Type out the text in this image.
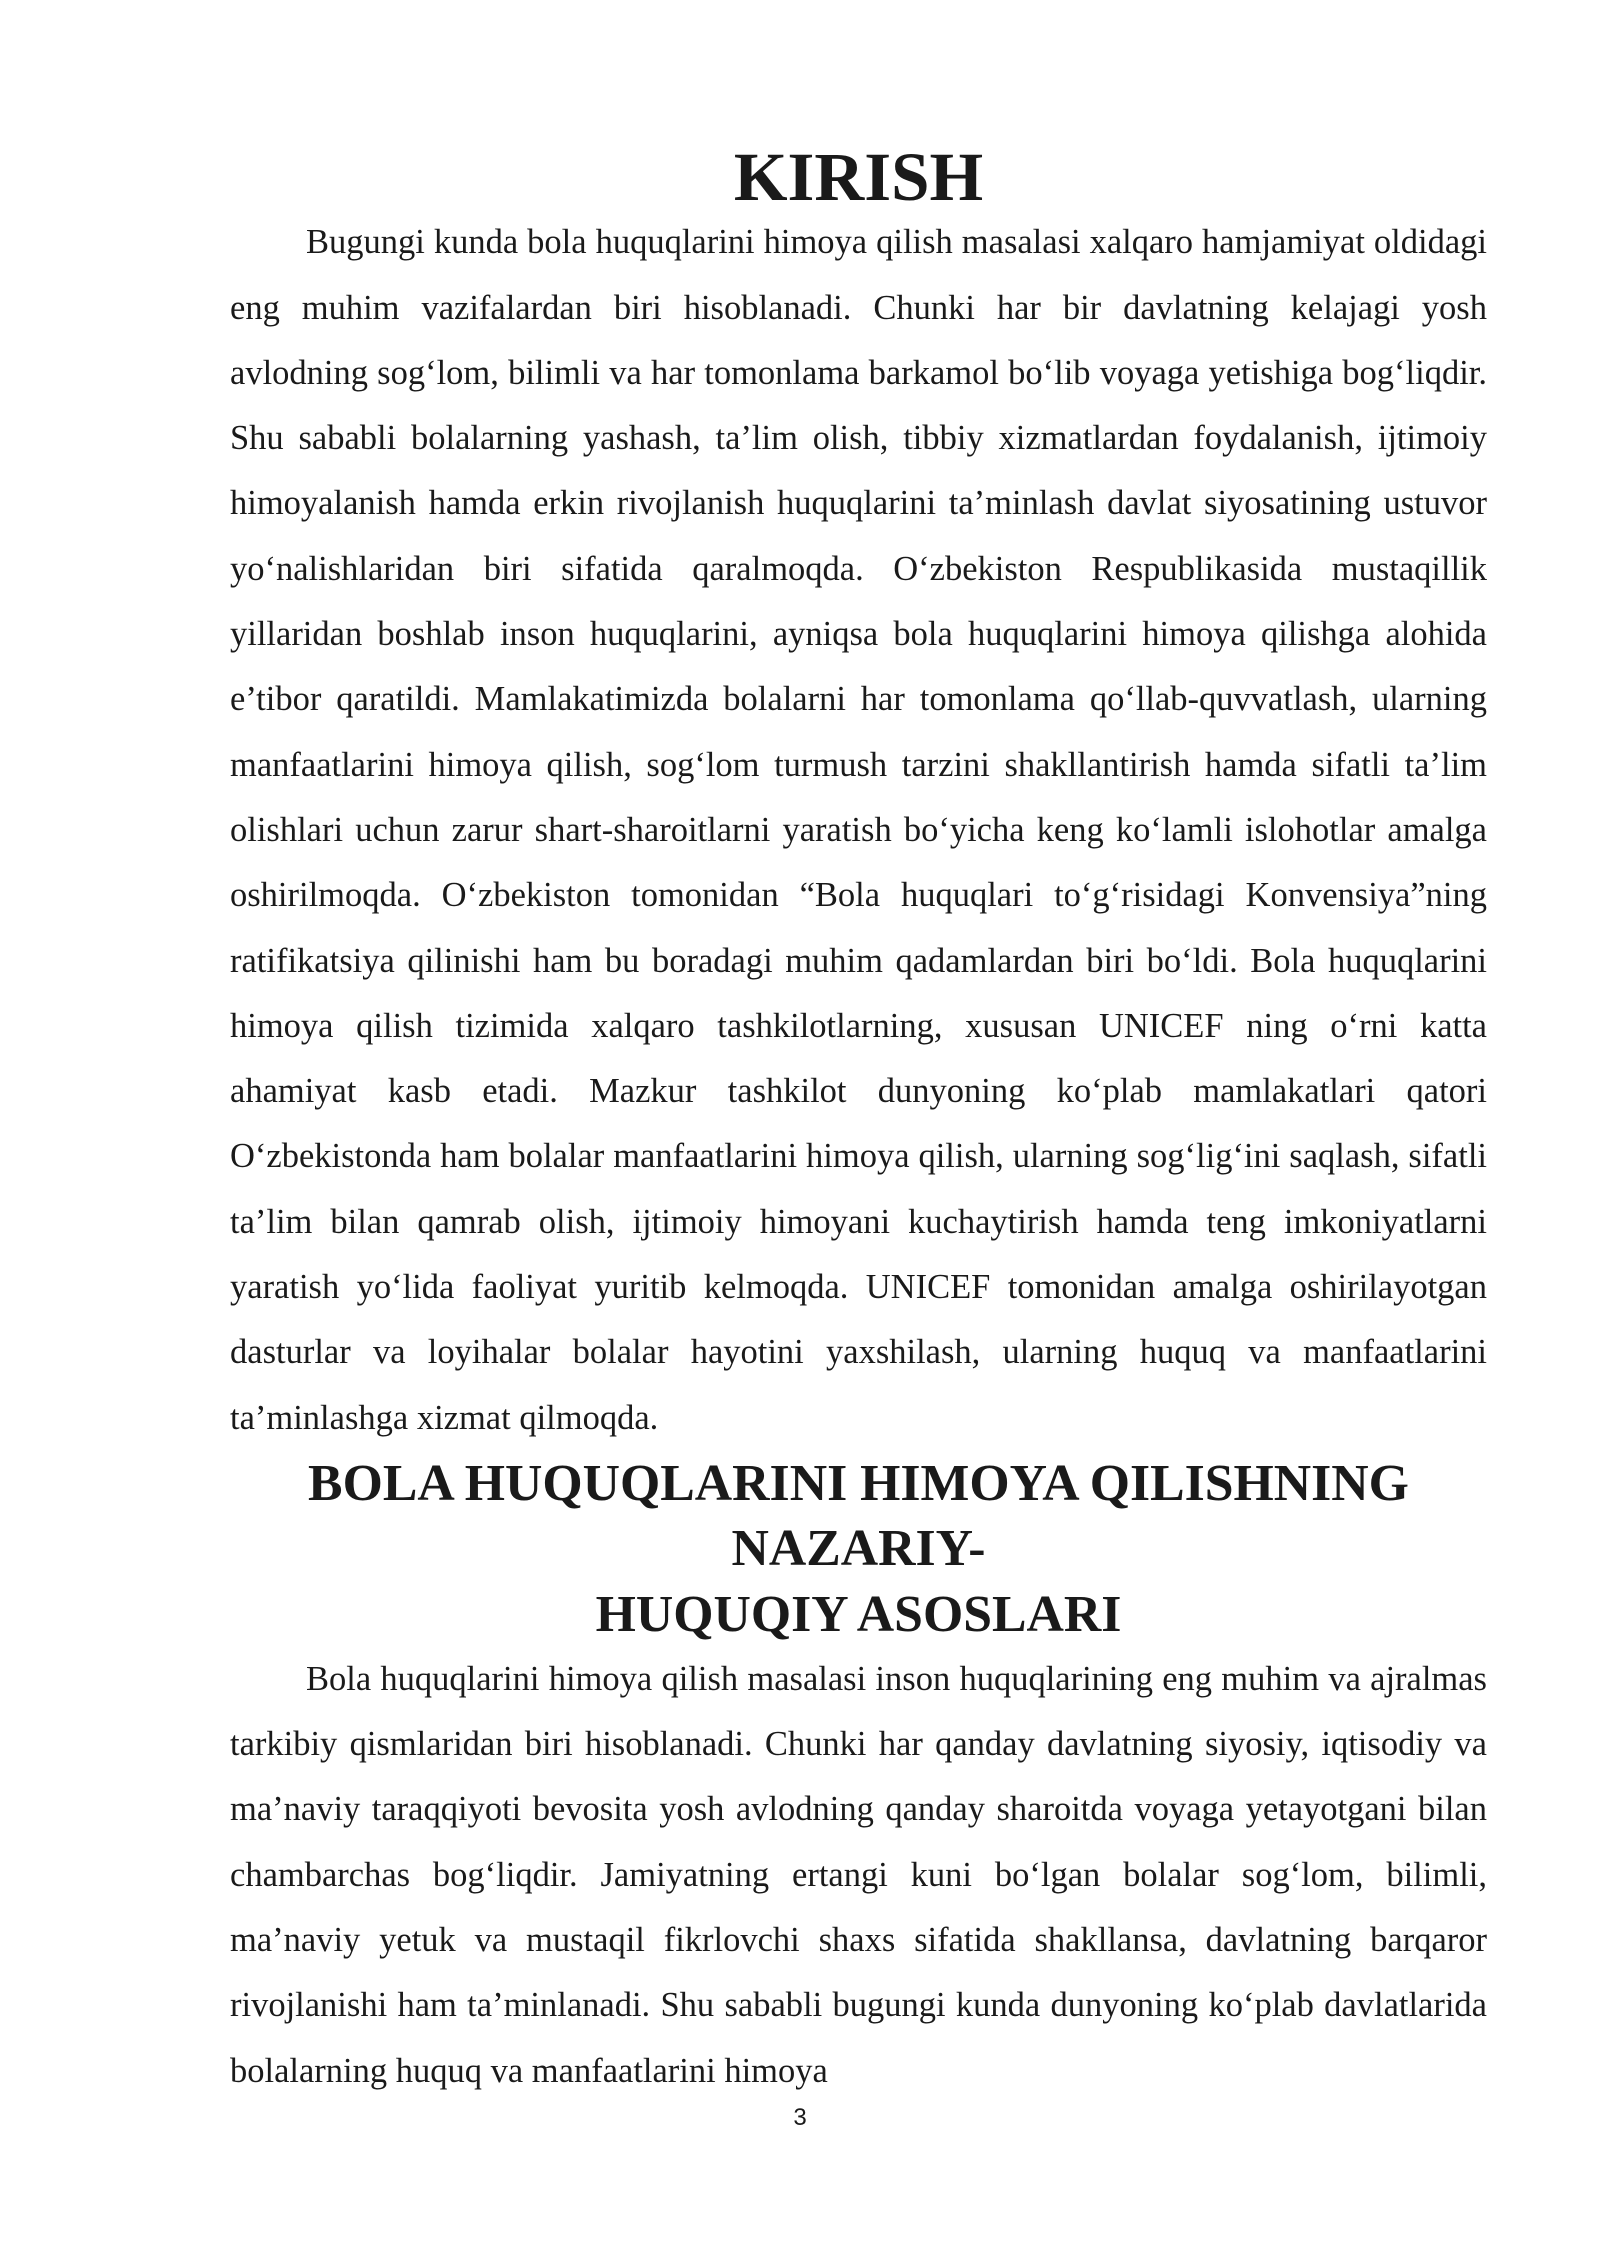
KIRISH

Bugungi kunda bola huquqlarini himoya qilish masalasi xalqaro hamjamiyat oldidagi eng muhim vazifalardan biri hisoblanadi. Chunki har bir davlatning kelajagi yosh avlodning sog‘lom, bilimli va har tomonlama barkamol bo‘lib voyaga yetishiga bog‘liqdir. Shu sababli bolalarning yashash, ta’lim olish, tibbiy xizmatlardan foydalanish, ijtimoiy himoyalanish hamda erkin rivojlanish huquqlarini ta’minlash davlat siyosatining ustuvor yo‘nalishlaridan biri sifatida qaralmoqda. O‘zbekiston Respublikasida mustaqillik yillaridan boshlab inson huquqlarini, ayniqsa bola huquqlarini himoya qilishga alohida e’tibor qaratildi. Mamlakatimizda bolalarni har tomonlama qo‘llab-quvvatlash, ularning manfaatlarini himoya qilish, sog‘lom turmush tarzini shakllantirish hamda sifatli ta’lim olishlari uchun zarur shart-sharoitlarni yaratish bo‘yicha keng ko‘lamli islohotlar amalga oshirilmoqda. O‘zbekiston tomonidan “Bola huquqlari to‘g‘risidagi Konvensiya”ning ratifikatsiya qilinishi ham bu boradagi muhim qadamlardan biri bo‘ldi. Bola huquqlarini himoya qilish tizimida xalqaro tashkilotlarning, xususan UNICEF ning o‘rni katta ahamiyat kasb etadi. Mazkur tashkilot dunyoning ko‘plab mamlakatlari qatori O‘zbekistonda ham bolalar manfaatlarini himoya qilish, ularning sog‘lig‘ini saqlash, sifatli ta’lim bilan qamrab olish, ijtimoiy himoyani kuchaytirish hamda teng imkoniyatlarni yaratish yo‘lida faoliyat yuritib kelmoqda. UNICEF tomonidan amalga oshirilayotgan dasturlar va loyihalar bolalar hayotini yaxshilash, ularning huquq va manfaatlarini ta’minlashga xizmat qilmoqda.

BOLA HUQUQLARINI HIMOYA QILISHNING NAZARIY-
HUQUQIY ASOSLARI

Bola huquqlarini himoya qilish masalasi inson huquqlarining eng muhim va ajralmas tarkibiy qismlaridan biri hisoblanadi. Chunki har qanday davlatning siyosiy, iqtisodiy va ma’naviy taraqqiyoti bevosita yosh avlodning qanday sharoitda voyaga yetayotgani bilan chambarchas bog‘liqdir. Jamiyatning ertangi kuni bo‘lgan bolalar sog‘lom, bilimli, ma’naviy yetuk va mustaqil fikrlovchi shaxs sifatida shakllansa, davlatning barqaror rivojlanishi ham ta’minlanadi. Shu sababli bugungi kunda dunyoning ko‘plab davlatlarida bolalarning huquq va manfaatlarini himoya

3
